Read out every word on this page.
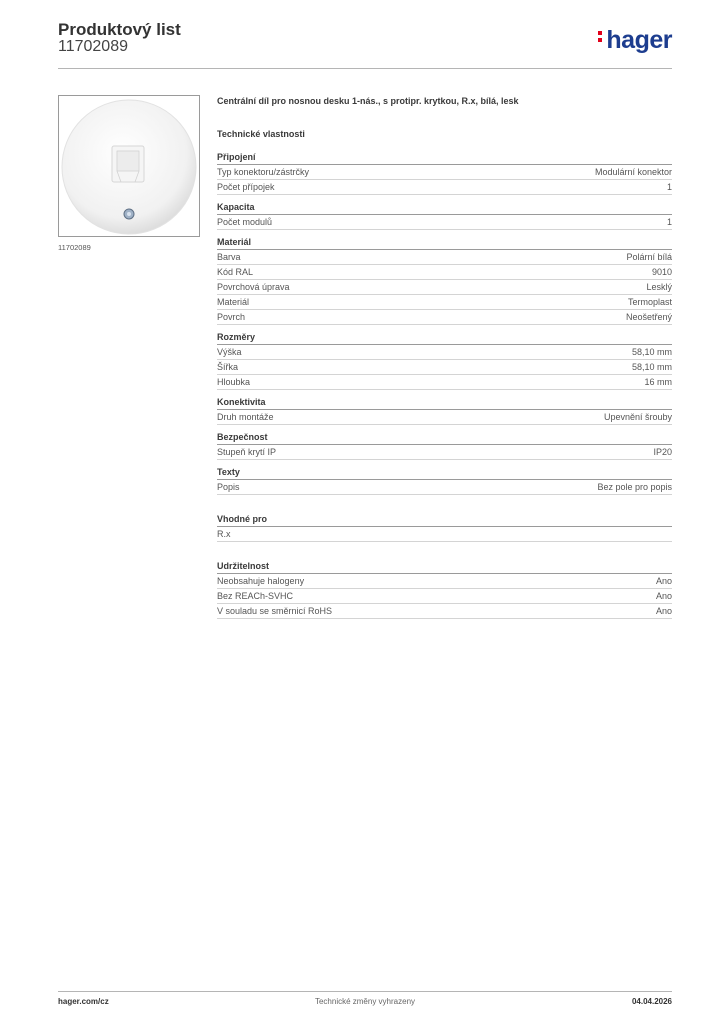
Produktový list
11702089	hager
11702089
Centrální díl pro nosnou desku 1-nás., s protipr. krytkou, R.x, bílá, lesk
Technické vlastnosti
Připojení
Typ konektoru/zástrčky	Modulární konektor
Počet přípojek	1
Kapacita
Počet modulů	1
Materiál
Barva	Polární bílá
Kód RAL	9010
Povrchová úprava	Lesklý
Materiál	Termoplast
Povrch	Neošetřený
Rozměry
Výška	58,10 mm
Šířka	58,10 mm
Hloubka	16 mm
Konektivita
Druh montáže	Upevnění šrouby
Bezpečnost
Stupeň krytí IP	IP20
Texty
Popis	Bez pole pro popis
Vhodné pro
R.x
Udržitelnost
Neobsahuje halogeny	Ano
Bez REACh-SVHC	Ano
V souladu se směrnicí RoHS	Ano
hager.com/cz	Technické změny vyhrazeny	04.04.2026
